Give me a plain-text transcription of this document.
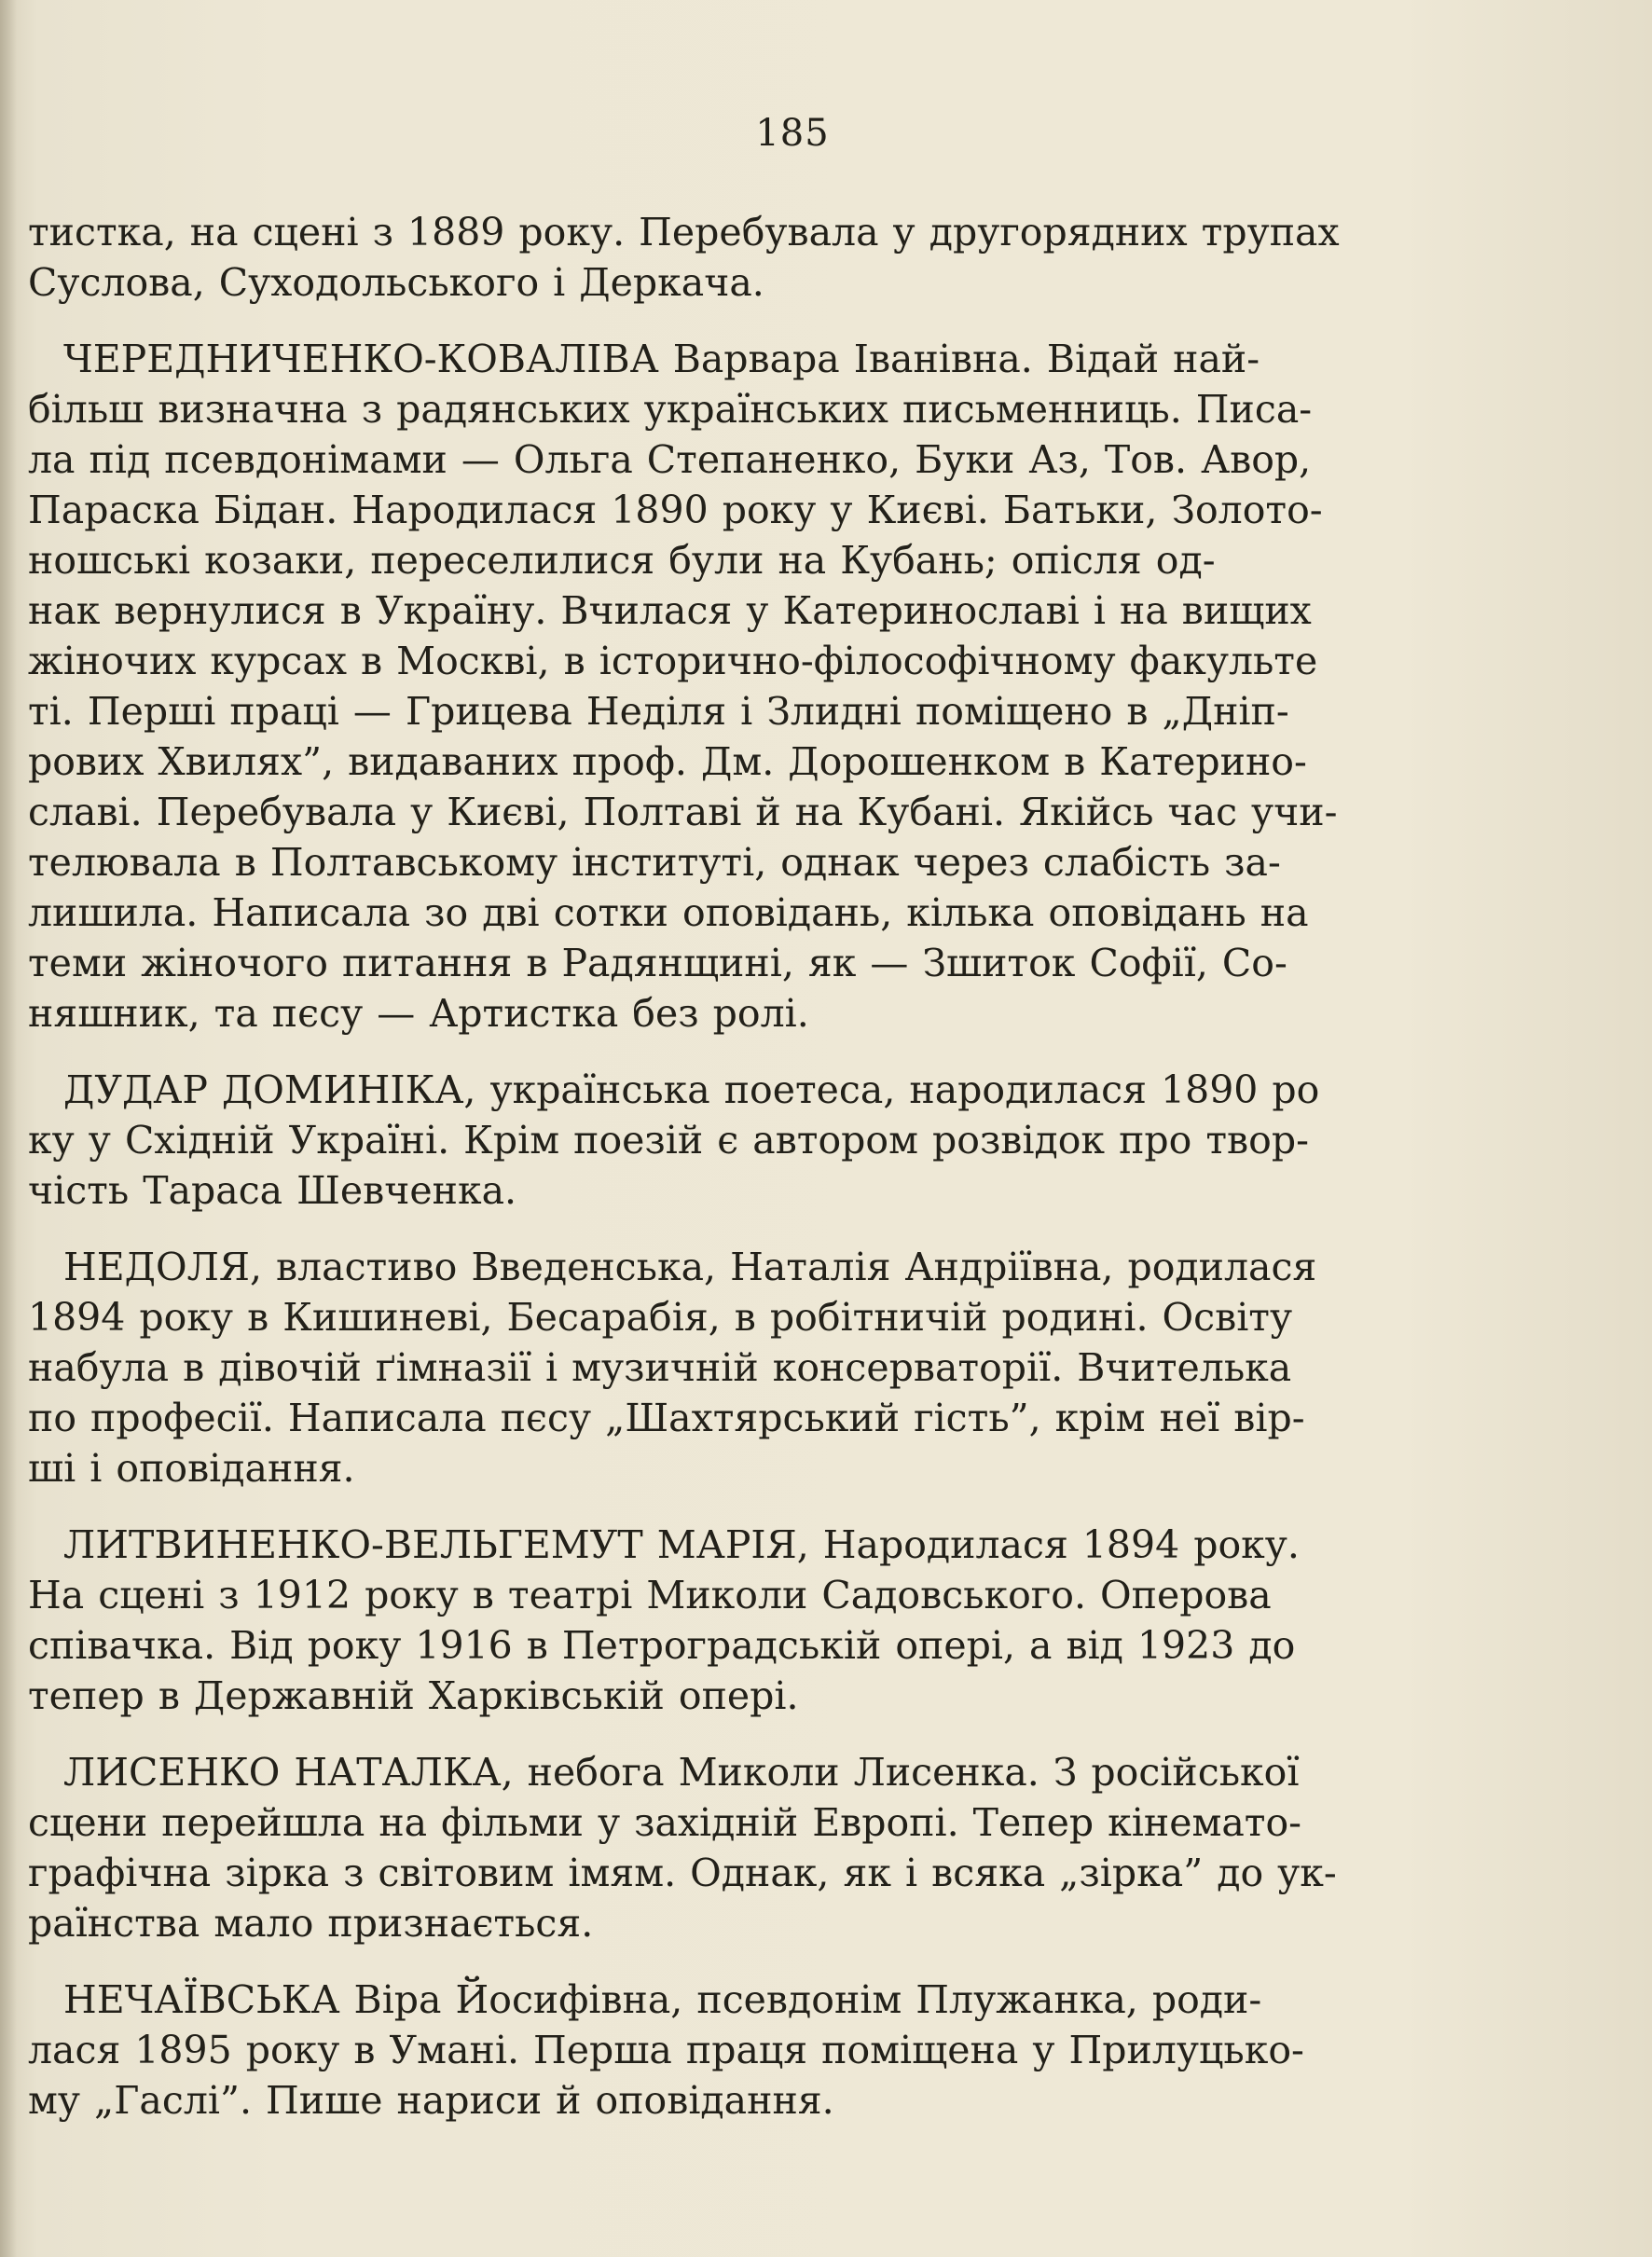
185
тистка, на сцені з 1889 року. Перебувала у другорядних трупах
Суслова, Суходольського і Деркача.
ЧЕРЕДНИЧЕНКО-КОВАЛІВА Варвара Іванівна. Відай най-
більш визначна з радянських українських письменниць. Писа-
ла під псевдонімами — Ольга Степаненко, Буки Аз, Тов. Авор,
Параска Бідан. Народилася 1890 року у Києві. Батьки, Золото-
ношські козаки, переселилися були на Кубань; опісля од-
нак вернулися в Україну. Вчилася у Катеринославі і на вищих
жіночих курсах в Москві, в історично-філософічному факульте
ті. Перші праці — Грицева Неділя і Злидні поміщено в „Дніп-
рових Хвилях”, видаваних проф. Дм. Дорошенком в Катерино-
славі. Перебувала у Києві, Полтаві й на Кубані. Якійсь час учи-
телювала в Полтавському інституті, однак через слабість за-
лишила. Написала зо дві сотки оповідань, кілька оповідань на
теми жіночого питання в Радянщині, як — Зшиток Софії, Со-
няшник, та пєсу — Артистка без ролі.
ДУДАР ДОМИНІКА, українська поетеса, народилася 1890 ро
ку у Східній Україні. Крім поезій є автором розвідок про твор-
чість Тараса Шевченка.
НЕДОЛЯ, властиво Введенська, Наталія Андріївна, родилася
1894 року в Кишиневі, Бесарабія, в робітничій родині. Освіту
набула в дівочій ґімназії і музичній консерваторії. Вчителька
по професії. Написала пєсу „Шахтярський гість”, крім неї вір-
ші і оповідання.
ЛИТВИНЕНКО-ВЕЛЬГЕМУТ МАРІЯ, Народилася 1894 року.
На сцені з 1912 року в театрі Миколи Садовського. Оперова
співачка. Від року 1916 в Петроградській опері, а від 1923 до
тепер в Державній Харківській опері.
ЛИСЕНКО НАТАЛКА, небога Миколи Лисенка. З російської
сцени перейшла на фільми у західній Европі. Тепер кінемато-
графічна зірка з світовим імям. Однак, як і всяка „зірка” до ук-
раїнства мало признається.
НЕЧАЇВСЬКА Віра Йосифівна, псевдонім Плужанка, роди-
лася 1895 року в Умані. Перша праця поміщена у Прилуцько-
му „Гаслі”. Пише нариси й оповідання.
